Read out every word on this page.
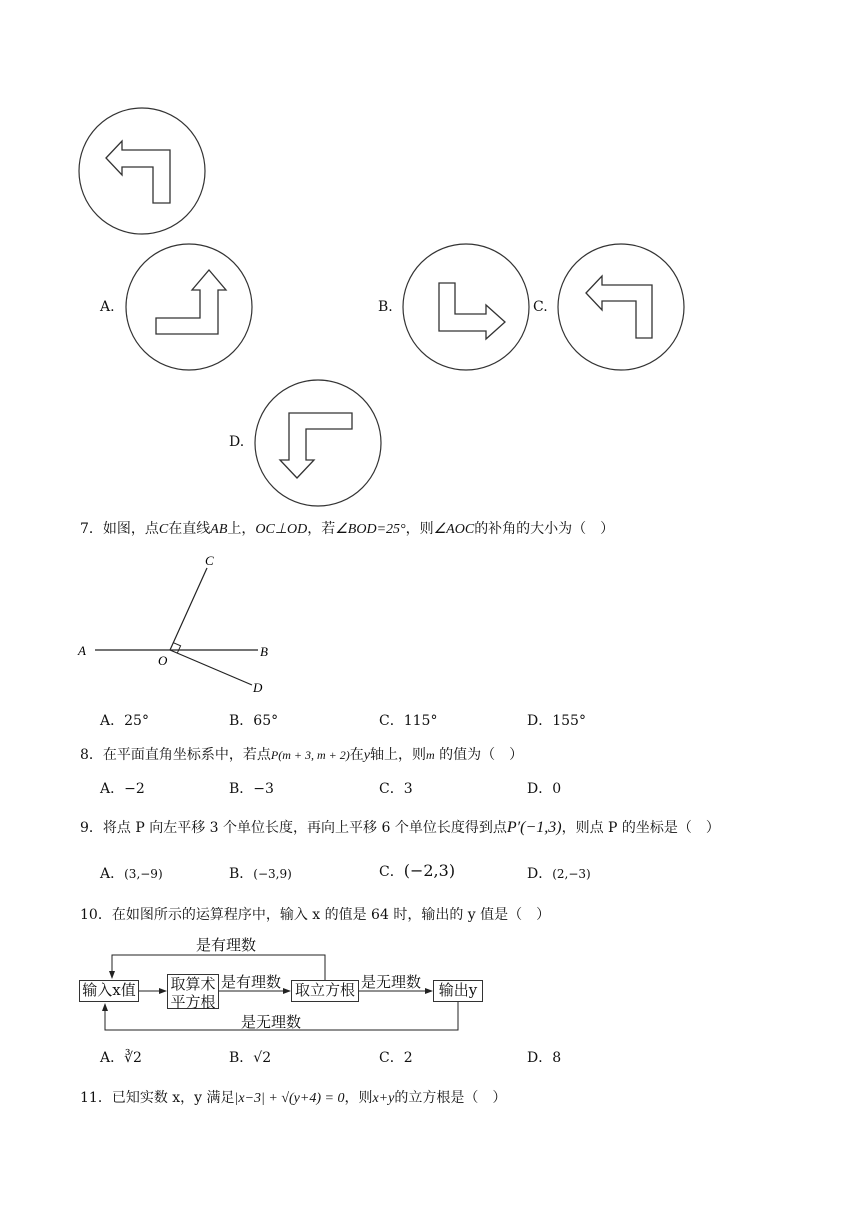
A.	B.	C.
D.
7．如图，点C在直线AB上，OC⊥OD，若∠BOD=25°，则∠AOC的补角的大小为（　）
A	B
C
D
O
A．25°	B．65°	C．115°	D．155°
8．在平面直角坐标系中，若点P(m + 3, m + 2)在y轴上，则m 的值为（　）
A．−2	B．−3	C．3	D．0
9．将点 P 向左平移 3 个单位长度，再向上平移 6 个单位长度得到点P′(−1,3)，则点 P 的坐标是（　）
A．(3,−9)	B．(−3,9)	C．(−2,3)	D．(2,−3)
10．在如图所示的运算程序中，输入 x 的值是 64 时，输出的 y 值是（　）
输入x值 取算术
平方根
取立方根	输出y
是有理数
是有理数	是无理数
是无理数
A．∛2	B．√2	C．2	D．8
11．已知实数 x，y 满足|x−3| + √(y+4) = 0，则x+y的立方根是（　）
